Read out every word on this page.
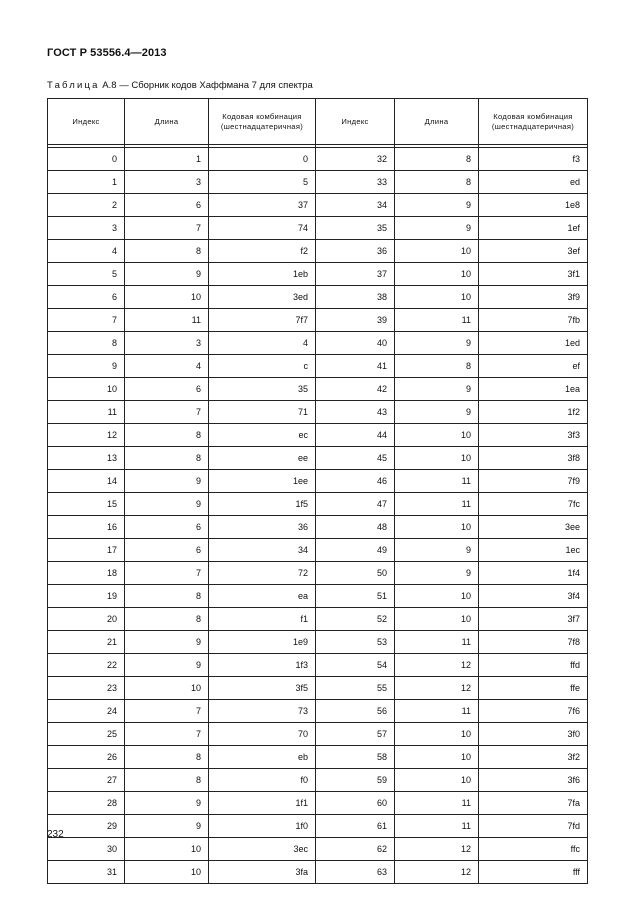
ГОСТ Р 53556.4—2013
Таблица А.8 — Сборник кодов Хаффмана 7 для спектра
Индекс	Длина	Кодовая комбинация (шестнадцатеричная)	Индекс	Длина	Кодовая комбинация (шестнадцатеричная)

0	1	0	32	8	f3
1	3	5	33	8	ed
2	6	37	34	9	1e8
3	7	74	35	9	1ef
4	8	f2	36	10	3ef
5	9	1eb	37	10	3f1
6	10	3ed	38	10	3f9
7	11	7f7	39	11	7fb
8	3	4	40	9	1ed
9	4	c	41	8	ef
10	6	35	42	9	1ea
11	7	71	43	9	1f2
12	8	ec	44	10	3f3
13	8	ee	45	10	3f8
14	9	1ee	46	11	7f9
15	9	1f5	47	11	7fc
16	6	36	48	10	3ee
17	6	34	49	9	1ec
18	7	72	50	9	1f4
19	8	ea	51	10	3f4
20	8	f1	52	10	3f7
21	9	1e9	53	11	7f8
22	9	1f3	54	12	ffd
23	10	3f5	55	12	ffe
24	7	73	56	11	7f6
25	7	70	57	10	3f0
26	8	eb	58	10	3f2
27	8	f0	59	10	3f6
28	9	1f1	60	11	7fa
29	9	1f0	61	11	7fd
30	10	3ec	62	12	ffc
31	10	3fa	63	12	fff
232
